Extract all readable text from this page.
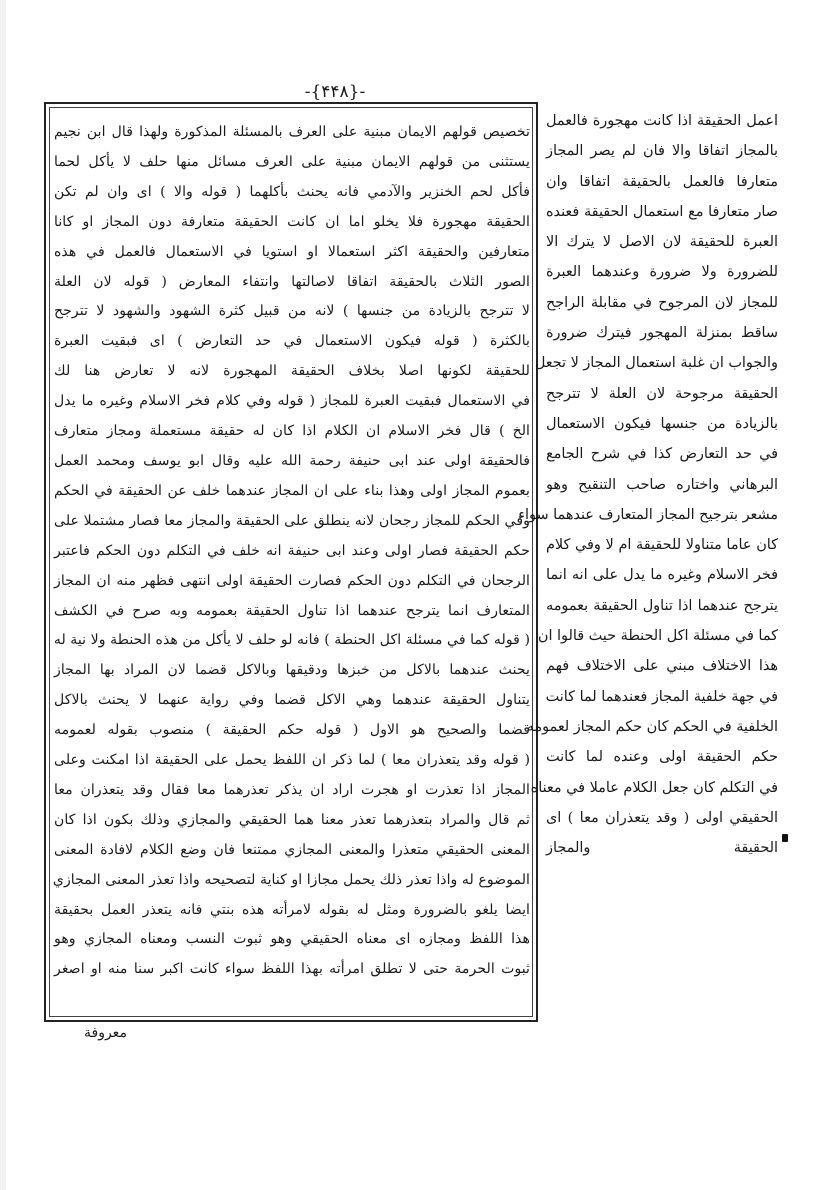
-{۴۴۸}-
تخصيص قولهم الايمان مبنية على العرف بالمسئلة المذكورة ولهذا قال ابن نجيم
يستثنى من قولهم الايمان مبنية على العرف مسائل منها حلف لا يأكل لحما
فأكل لحم الخنزير والآدمي فانه يحنث بأكلهما ( قوله والا ) اى وان لم تكن
الحقيقة مهجورة فلا يخلو اما ان كانت الحقيقة متعارفة دون المجاز او كانا
متعارفين والحقيقة اكثر استعمالا او استويا في الاستعمال فالعمل في هذه
الصور الثلاث بالحقيقة اتفاقا لاصالتها وانتفاء المعارض ( قوله لان العلة
لا تترجح بالزيادة من جنسها ) لانه من قبيل كثرة الشهود والشهود لا تترجح
بالكثرة ( قوله فيكون الاستعمال في حد التعارض ) اى فبقيت العبرة
للحقيقة لكونها اصلا بخلاف الحقيقة المهجورة لانه لا تعارض هنا لك
في الاستعمال فبقيت العبرة للمجاز ( قوله وفي كلام فخر الاسلام وغيره ما يدل
الخ ) قال فخر الاسلام ان الكلام اذا كان له حقيقة مستعملة ومجاز متعارف
فالحقيقة اولى عند ابى حنيفة رحمة الله عليه وقال ابو يوسف ومحمد العمل
بعموم المجاز اولى وهذا بناء على ان المجاز عندهما خلف عن الحقيقة في الحكم
وفي الحكم للمجاز رجحان لانه ينطلق على الحقيقة والمجاز معا فصار مشتملا على
حكم الحقيقة فصار اولى وعند ابى حنيفة انه خلف في التكلم دون الحكم فاعتبر
الرجحان في التكلم دون الحكم فصارت الحقيقة اولى انتهى فظهر منه ان المجاز
المتعارف انما يترجح عندهما اذا تناول الحقيقة بعمومه وبه صرح في الكشف
( قوله كما في مسئلة اكل الحنطة ) فانه لو حلف لا يأكل من هذه الحنطة ولا نية له
يحنث عندهما بالاكل من خبزها ودقيقها وبالاكل قضما لان المراد بها المجاز
يتناول الحقيقة عندهما وهي الاكل قضما وفي رواية عنهما لا يحنث بالاكل
قضما والصحيح هو الاول ( قوله حكم الحقيقة ) منصوب بقوله لعمومه
( قوله وقد يتعذران معا ) لما ذكر ان اللفظ يحمل على الحقيقة اذا امكنت وعلى
المجاز اذا تعذرت او هجرت اراد ان يذكر تعذرهما معا فقال وقد يتعذران معا
ثم قال والمراد بتعذرهما تعذر معنا هما الحقيقي والمجازي وذلك بكون اذا كان
المعنى الحقيقي متعذرا والمعنى المجازي ممتنعا فان وضع الكلام لافادة المعنى
الموضوع له واذا تعذر ذلك يحمل مجازا او كناية لتصحيحه واذا تعذر المعنى المجازي
ايضا يلغو بالضرورة ومثل له بقوله لامرأته هذه بنتي فانه يتعذر العمل بحقيقة
هذا اللفظ ومجازه اى معناه الحقيقي وهو ثبوت النسب ومعناه المجازي وهو
ثبوت الحرمة حتى لا تطلق امرأته بهذا اللفظ سواء كانت اكبر سنا منه او اصغر
اعمل الحقيقة اذا كانت مهجورة فالعمل
بالمجاز اتفاقا والا فان لم يصر المجاز
متعارفا فالعمل بالحقيقة اتفاقا وان
صار متعارفا مع استعمال الحقيقة فعنده
العبرة للحقيقة لان الاصل لا يترك الا
للضرورة ولا ضرورة وعندهما العبرة
للمجاز لان المرجوح في مقابلة الراجح
ساقط بمنزلة المهجور فيترك ضرورة
والجواب ان غلبة استعمال المجاز لا تجعل
الحقيقة مرجوحة لان العلة لا تترجح
بالزيادة من جنسها فيكون الاستعمال
في حد التعارض كذا في شرح الجامع
البرهاني واختاره صاحب التنقيح وهو
مشعر بترجيح المجاز المتعارف عندهما سواء
كان عاما متناولا للحقيقة ام لا وفي كلام
فخر الاسلام وغيره ما يدل على انه انما
يترجح عندهما اذا تناول الحقيقة بعمومه
كما في مسئلة اكل الحنطة حيث قالوا ان
هذا الاختلاف مبني على الاختلاف فهم
في جهة خلفية المجاز فعندهما لما كانت
الخلفية في الحكم كان حكم المجاز لعمومه
حكم الحقيقة اولى وعنده لما كانت
في التكلم كان جعل الكلام عاملا في معناه
الحقيقي اولى ( وقد يتعذران معا ) اى
الحقيقة والمجاز
معروفة
